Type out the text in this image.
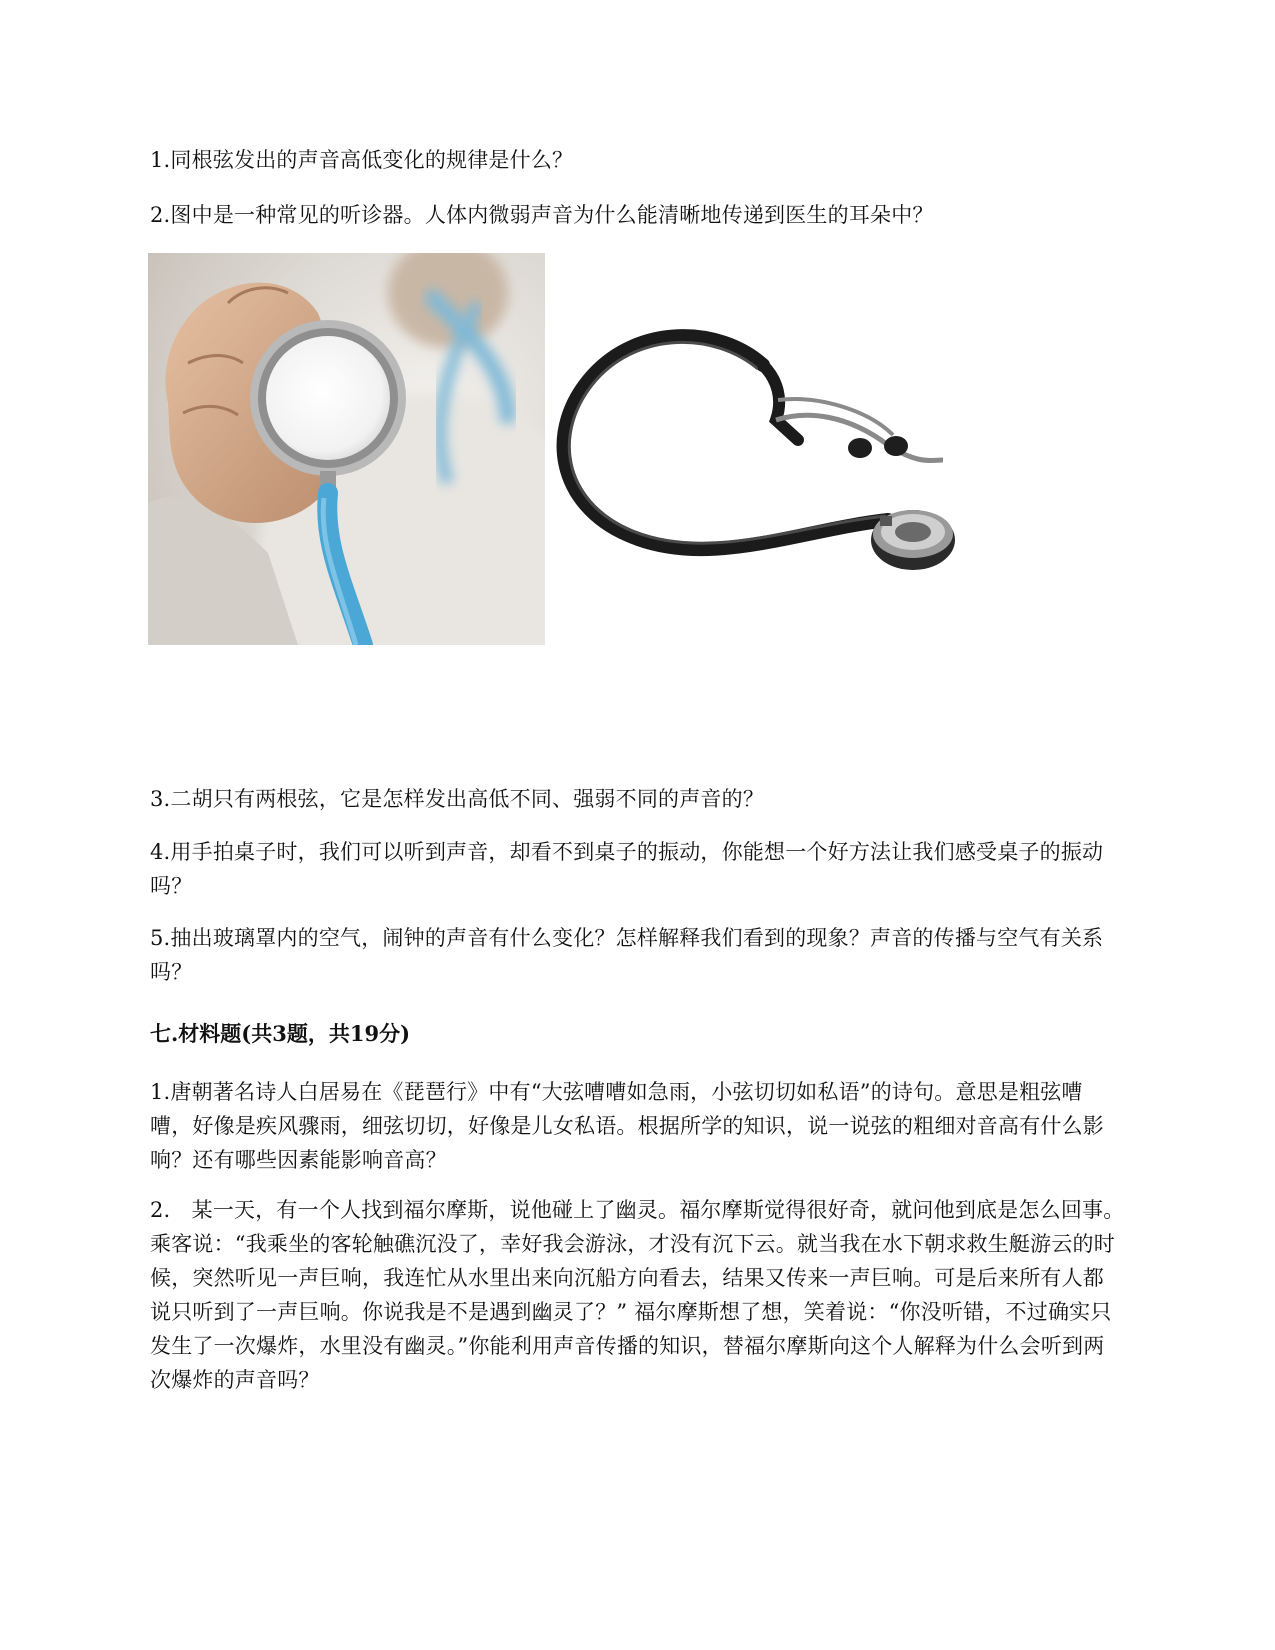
1.同根弦发出的声音高低变化的规律是什么？

2.图中是一种常见的听诊器。人体内微弱声音为什么能清晰地传递到医生的耳朵中？

3.二胡只有两根弦，它是怎样发出高低不同、强弱不同的声音的？

4.用手拍桌子时，我们可以听到声音，却看不到桌子的振动，你能想一个好方法让我们感受桌子的振动吗？

5.抽出玻璃罩内的空气，闹钟的声音有什么变化？怎样解释我们看到的现象？声音的传播与空气有关系吗？

七.材料题(共3题，共19分)

1.唐朝著名诗人白居易在《琵琶行》中有“大弦嘈嘈如急雨，小弦切切如私语”的诗句。意思是粗弦嘈嘈，好像是疾风骤雨，细弦切切，好像是儿女私语。根据所学的知识，说一说弦的粗细对音高有什么影响？还有哪些因素能影响音高？

2.　某一天，有一个人找到福尔摩斯，说他碰上了幽灵。福尔摩斯觉得很好奇，就问他到底是怎么回事。乘客说：“我乘坐的客轮触礁沉没了，幸好我会游泳，才没有沉下云。就当我在水下朝求救生艇游云的时候，突然听见一声巨响，我连忙从水里出来向沉船方向看去，结果又传来一声巨响。可是后来所有人都说只听到了一声巨响。你说我是不是遇到幽灵了？” 福尔摩斯想了想，笑着说：“你没听错，不过确实只发生了一次爆炸，水里没有幽灵。”你能利用声音传播的知识，替福尔摩斯向这个人解释为什么会听到两次爆炸的声音吗？
